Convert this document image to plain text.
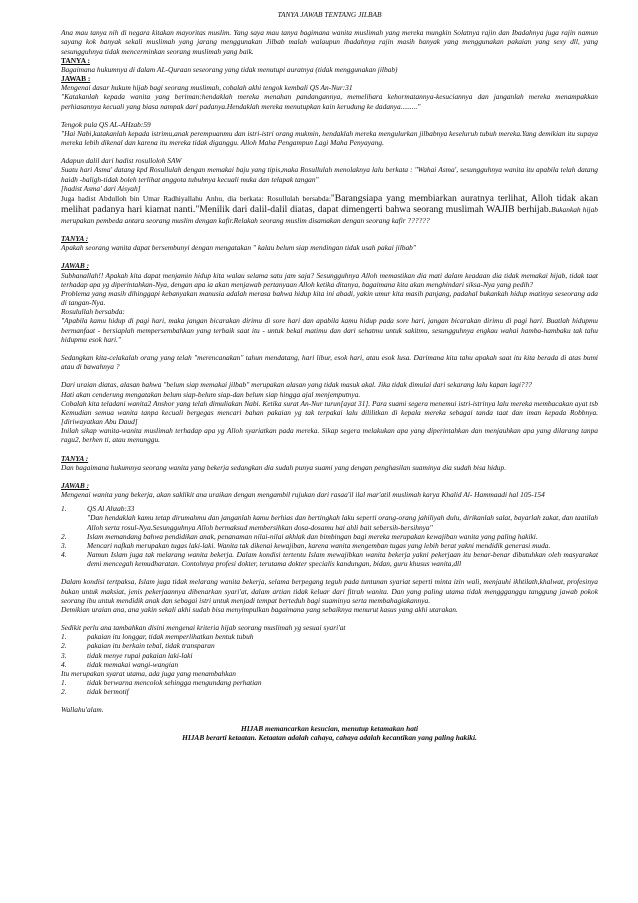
TANYA JAWAB TENTANG JILBAB

Ana mau tanya nih di negara kitakan mayoritas muslim. Yang saya mau tanya bagimana wanita muslimah yang mereka mungkin Solatnya rajin dan Ibadahnya juga rajin namun sayang kok banyak sekali muslimah yang jarang menggunakan Jilbab malah walaupun ibadahnya rajin masih banyak yang menggunakan pakaian yang sexy dll, yang sesungguhnya tidak mencerminkan seorang muslimah yang baik.

TANYA :

Bagaimana hukumnya di dalam AL-Quraan seseorang yang tidak menutupi auratnya (tidak menggunakan jilbab)

JAWAB :

Mengenai dasar hukum hijab bagi seorang muslimah, cobalah akhi tengok kembali QS An-Nur:31

"Katakanlah kepada wanita yang beriman:hendaklah mereka menahan pandangannya, memelihara kehormatannya-kesuciannya dan janganlah mereka menampakkan perhiasannya kecuali yang biasa nampak dari padanya.Hendaklah mereka menutupkan kain kerudung ke dadanya........."

Tengok pula QS AL-AHzab:59

"Hai Nabi,katakanlah kepada istrimu,anak perempuanmu dan istri-istri orang mukmin, hendaklah mereka mengulurkan jilbabnya keseluruh tubuh mereka.Yang demikian itu supaya mereka lebih dikenal dan karena itu mereka tidak diganggu. Alloh Maha Pengampun Lagi Maha Penyayang.

Adapun dalil dari hadist rosulloloh SAW

Suatu hari Asma' datang kpd Rosullulah dengan memakai baju yang tipis,maka Rosullulah menolaknya lalu berkata : "Wahai Asma', sesungguhnya wanita itu apabila telah datang haidh -baligh-tidak boleh terlihat anggota tubuhnya kecuali muka dan telapak tangan"

[hadist Asma' dari Aisyah]

Juga hadist Abdulloh bin Umar Radhiyallahu Anhu, dia berkata: Rosullulah bersabda:"Barangsiapa yang membiarkan auratnya terlihat, Alloh tidak akan melihat padanya hari kiamat nanti."Menilik dari dalil-dalil diatas, dapat dimengerti bahwa seorang muslimah WAJIB berhijab.Bukankah hijab merupakan pembeda antara seorang muslim dengan kafir.Relakah seorang muslim disamakan dengan seorang kafir ??????

TANYA :

Apakah seorang wanita dapat bersembunyi dengan mengatakan " kalau belum siap mendingan tidak usah pakai jilbab"

JAWAB :

Subhanallah!! Apakah kita dapat menjamin hidup kita walau selama satu jam saja? Sesungguhnya Alloh memastikan dia mati dalam keadaan dia tidak memakai hijab, tidak taat terhadap apa yg diperintahkan-Nya, dengan apa ia akan menjawab pertanyaan Alloh ketika ditanya, bagaimana kita akan menghindari siksa-Nya yang pedih?

Problema yang masih dihinggapi kebanyakan manusia adalah merasa bahwa hidup kita ini abadi, yakin umur kita masih panjang, padahal bukankah hidup matinya seseorang ada di tangan-Nya.

Rosulullah bersabda:

"Apabila kamu hidup di pagi hari, maka jangan bicarakan dirimu di sore hari dan apabila kamu hidup pada sore hari, jangan bicarakan dirimu di pagi hari. Buatlah hidupmu bermanfaat - bersiaplah mempersembahkan yang terbaik saat itu - untuk bekal matimu dan dari sehatmu untuk sakitmu, sesungguhnya engkau wahai hamba-hambaku tak tahu hidupmu esok hari."

Sedangkan kita-celakalah orang yang telah "merencanakan" tahun mendatang, hari libur, esok hari, atau esok lusa. Darimana kita tahu apakah saat itu kita berada di atas bumi atau di bawahnya ?

Dari uraian diatas, alasan bahwa "belum siap memakai jilbab" merupakan alasan yang tidak masuk akal. Jika tidak dimulai dari sekarang lalu kapan lagi???

Hati akan cenderung mengatakan belum siap-belum siap-dan belum siap hingga ajal menjemputnya.

Cobalah kita teladani wanita2 Anshor yang telah dimuliakan Nabi. Ketika surat An-Nur turun[ayat 31]. Para suami segera menemui istri-istrinya lalu mereka membacakan ayat tsb Kemudian semua wanita tanpa kecuali bergegas mencari bahan pakaian yg tak terpakai lalu dililitkan di kepala mereka sebagai tanda taat dan iman kepada Robbnya.[diriwayatkan Abu Daud]

Inilah sikap wanita-wanita muslimah terhadap apa yg Alloh syariatkan pada mereka. Sikap segera melakukan apa yang diperintahkan dan menjauhkan apa yang dilarang tanpa ragu2, berhen ti, atau menunggu.

TANYA :

Dan bagaimana hukumnya seorang wanita yang bekerja sedangkan dia sudah punya suami yang dengan penghasilan suaminya dia sudah bisa hidup.

JAWAB :

Mengenai wanita yang bekerja, akan saklikit ana uraikan dengan mengambil rujukan dari rasaa'il ilal mar'atil muslimah karya Khalid Al- Hammaadi hal 105-154

1.	QS Al Ahzab:33
"Dan hendaklah kamu tetap dirumahmu dan janganlah kamu berhias dan bertingkah laku seperti orang-orang jahiliyah dulu, dirikanlah salat, bayarlah zakat, dan taatilah Alloh serta rosul-Nya.Sesungguhnya Alloh bermaksud membersihkan dosa-dosamu hai ahli bait sebersih-bersihnya"
2.	Islam memandang bahwa pendidikan anak, penanaman nilai-nilai akhlak dan bimbingan bagi mereka merupakan kewajiban wanita yang paling hakiki.
3.	Mencari nafkah merupakan tugas laki-laki. Wanita tak dikenai kewajiban, karena wanita mengemban tugas yang lebih berat yakni mendidik generasi muda.
4.	Namun Islam juga tak melarang wanita bekerja. Dalam kondisi tertentu Islam mewajibkan wanita bekerja yakni pekerjaan itu benar-benar dibutuhkan oleh masyarakat demi mencegah kemudharatan. Contohnya profesi dokter, terutama dokter specialis kandungan, bidan, guru khusus wanita,dll

Dalam kondisi tertpaksa, Islam juga tidak melarang wanita bekerja, selama berpegang teguh pada tuntunan syariat seperti minta izin wali, menjauhi ikhtilath,khalwat, profesinya bukan untuk maksiat, jenis pekerjaannya dibenarkan syari'at, dalam artian tidak keluar dari fitrah wanita. Dan yang paling utama tidak menggganggu tanggung jawab pokok seorang ibu untuk mendidik anak dan sebagai istri untuk menjadi tempat berteduh bagi suaminya serta membahagiakannya.

Demikian uraian ana, ana yakin sekali akhi sudah bisa menyimpulkan bagaimana yang sebaiknya menurut kasus yang akhi utarakan.

Sedikit perlu ana tambahkan disini mengenai kriteria hijab seorang muslimah yg sesuai syari'at

1.	pakaian itu longgar, tidak memperlihatkan bentuk tubuh
2.	pakaian itu berkain tebal, tidak transparan
3.	tidak menye rupai pakaian laki-laki
4.	tidak memakai wangi-wangian

Itu merupakan syarat utama, ada juga yang menambahkan

1.	tidak berwarna mencolok sehingga mengundang perhatian
2.	tidak bermotif

Wallahu'alam.

HIJAB memancarkan kesucian, menutup ketamakan hati

HIJAB berarti ketaatan. Ketaatan adalah cahaya, cahaya adalah kecantikan yang paling hakiki.
